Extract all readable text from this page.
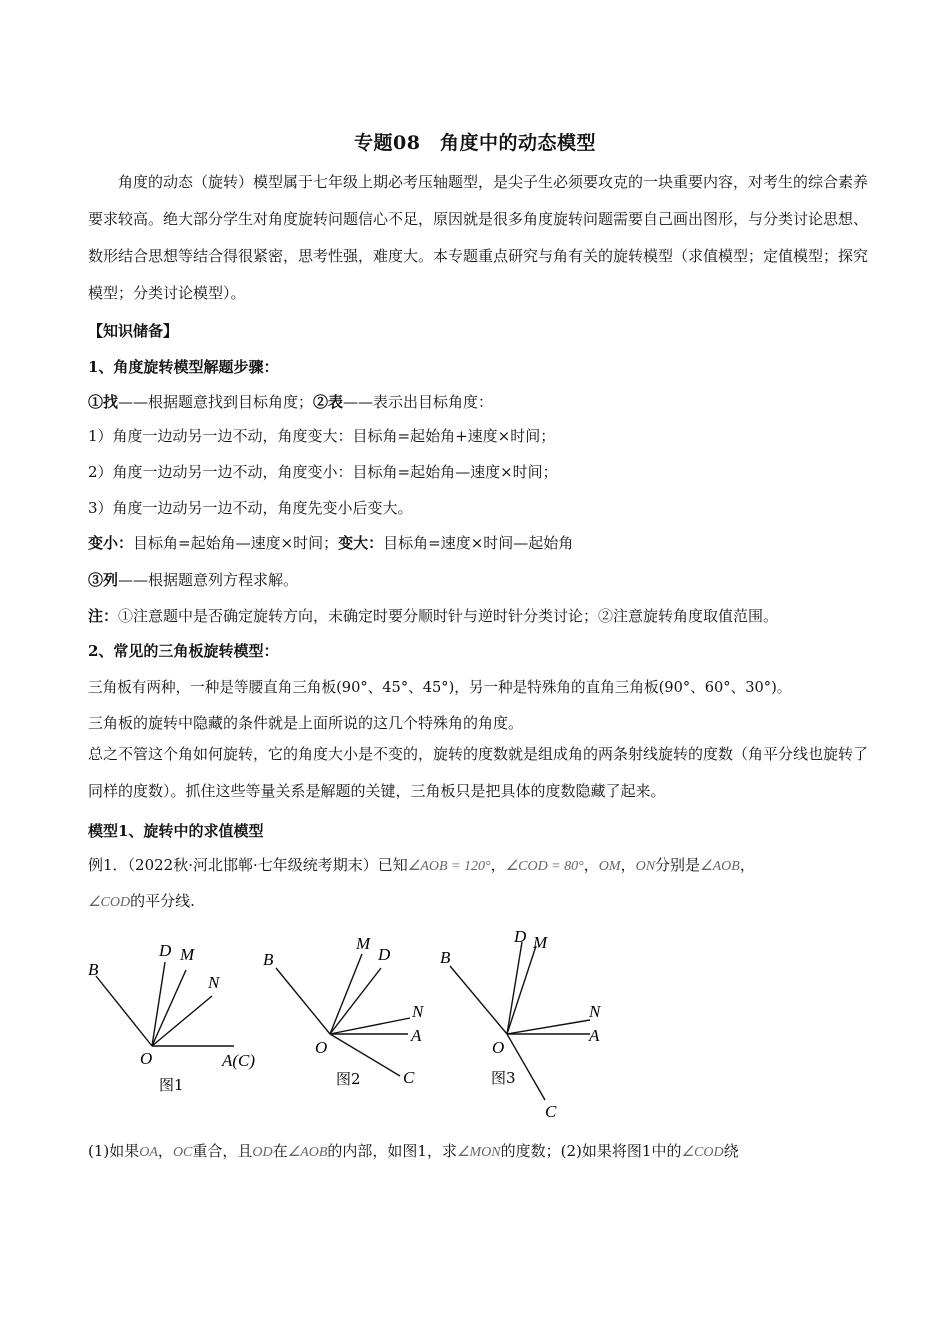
专题08　角度中的动态模型
角度的动态（旋转）模型属于七年级上期必考压轴题型，是尖子生必须要攻克的一块重要内容，对考生的综合素养要求较高。绝大部分学生对角度旋转问题信心不足，原因就是很多角度旋转问题需要自己画出图形，与分类讨论思想、数形结合思想等结合得很紧密，思考性强，难度大。本专题重点研究与角有关的旋转模型（求值模型；定值模型；探究模型；分类讨论模型）。
【知识储备】
1、角度旋转模型解题步骤：
①找——根据题意找到目标角度；②表——表示出目标角度：
1）角度一边动另一边不动，角度变大：目标角=起始角+速度×时间；
2）角度一边动另一边不动，角度变小：目标角=起始角—速度×时间；
3）角度一边动另一边不动，角度先变小后变大。
变小：目标角=起始角—速度×时间；变大：目标角=速度×时间—起始角
③列——根据题意列方程求解。
注：①注意题中是否确定旋转方向，未确定时要分顺时针与逆时针分类讨论；②注意旋转角度取值范围。
2、常见的三角板旋转模型：
三角板有两种，一种是等腰直角三角板(90°、45°、45°)，另一种是特殊角的直角三角板(90°、60°、30°)。
三角板的旋转中隐藏的条件就是上面所说的这几个特殊角的角度。
总之不管这个角如何旋转，它的角度大小是不变的，旋转的度数就是组成角的两条射线旋转的度数（角平分线也旋转了同样的度数）。抓住这些等量关系是解题的关键，三角板只是把具体的度数隐藏了起来。
模型1、旋转中的求值模型
例1．（2022秋·河北邯郸·七年级统考期末）已知∠AOB = 120°，∠COD = 80°，OM，ON分别是∠AOB，
∠COD的平分线.
B
D M
N
O	A(C)
图1
B
M
D
N
A
O
C
图2
B
D M
N
A
O
C
图3
(1)如果OA，OC重合，且OD在∠AOB的内部，如图1，求∠MON的度数；(2)如果将图1中的∠COD绕
